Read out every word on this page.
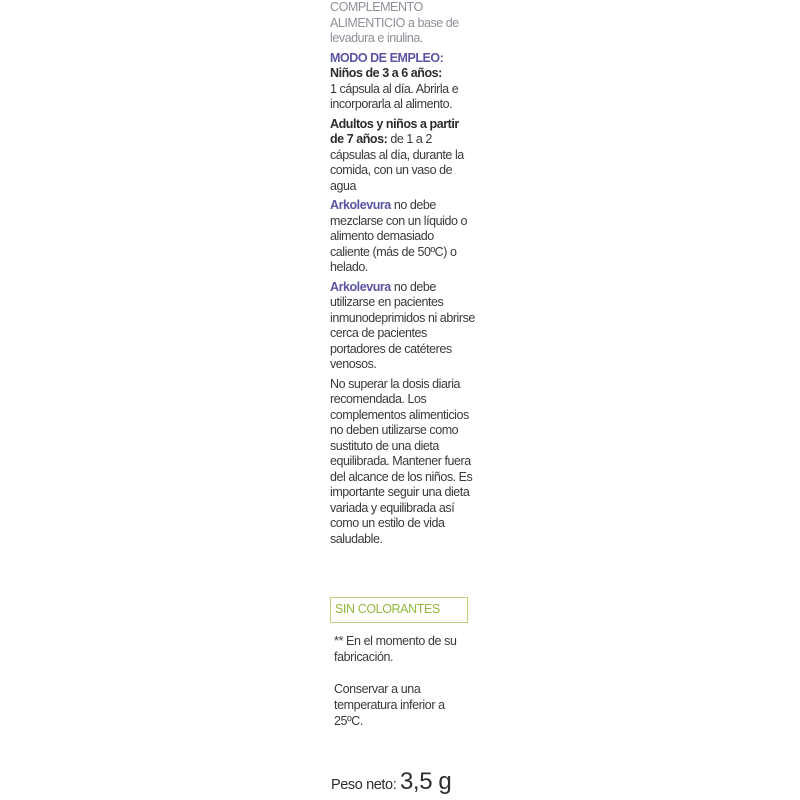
COMPLEMENTO
ALIMENTICIO a base de levadura e inulina.
MODO DE EMPLEO:
Niños de 3 a 6 años:
1 cápsula al día. Abrirla e incorporarla al alimento.
Adultos y niños a partir de 7 años: de 1 a 2 cápsulas al día, durante la comida, con un vaso de agua
Arkolevura no debe mezclarse con un líquido o alimento demasiado caliente (más de 50ºC) o helado.
Arkolevura no debe utilizarse en pacientes inmunodeprimidos ni abrirse cerca de pacientes portadores de catéteres venosos.
No superar la dosis diaria recomendada. Los complementos alimenticios no deben utilizarse como sustituto de una dieta equilibrada. Mantener fuera del alcance de los niños. Es importante seguir una dieta variada y equilibrada así como un estilo de vida saludable.
SIN COLORANTES
** En el momento de su fabricación.
Conservar a una temperatura inferior a 25ºC.
Peso neto: 3,5 g
